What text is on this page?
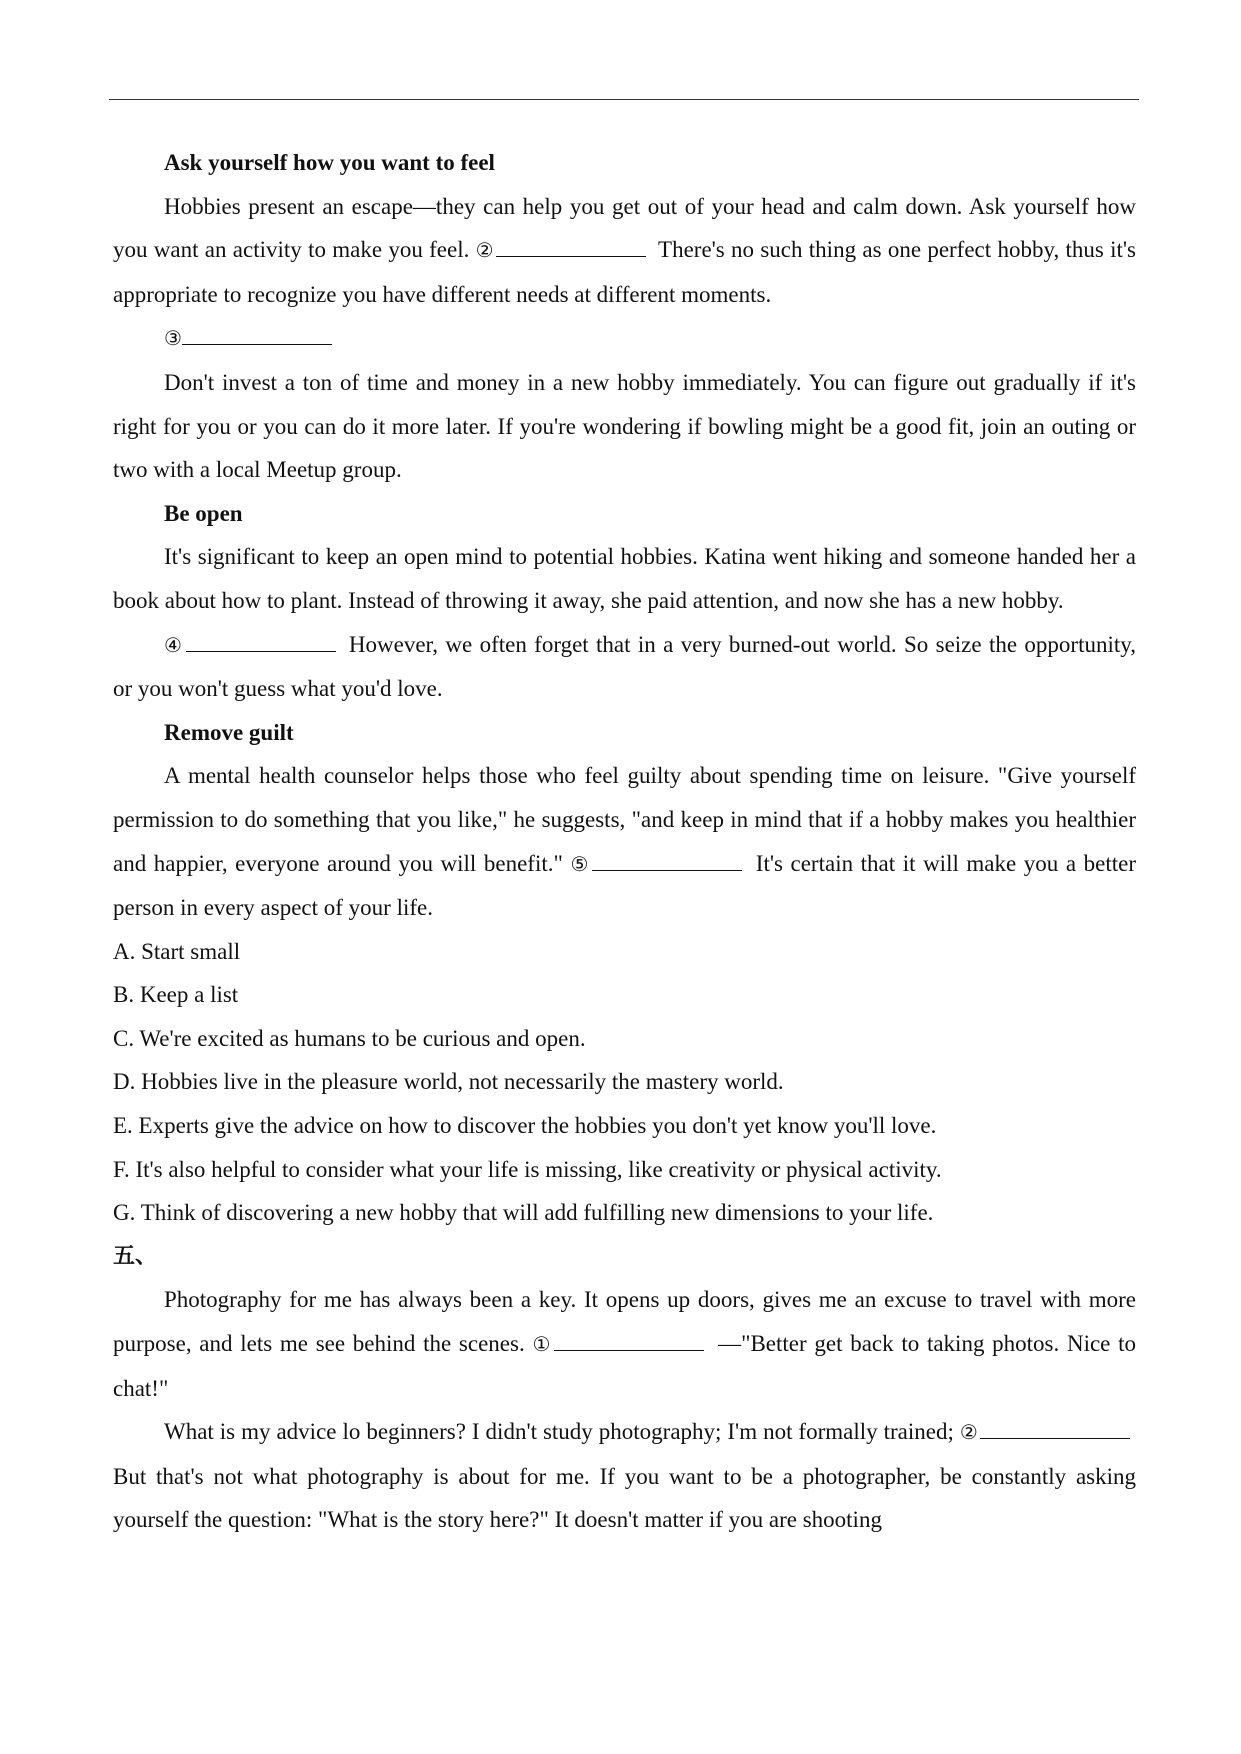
Ask yourself how you want to feel

Hobbies present an escape—they can help you get out of your head and calm down. Ask yourself how you want an activity to make you feel. ②	There's no such thing as one perfect hobby, thus it's appropriate to recognize you have different needs at different moments.

③

Don't invest a ton of time and money in a new hobby immediately. You can figure out gradually if it's right for you or you can do it more later. If you're wondering if bowling might be a good fit, join an outing or two with a local Meetup group.

Be open

It's significant to keep an open mind to potential hobbies. Katina went hiking and someone handed her a book about how to plant. Instead of throwing it away, she paid attention, and now she has a new hobby.

④	However, we often forget that in a very burned-out world. So seize the opportunity, or you won't guess what you'd love.

Remove guilt

A mental health counselor helps those who feel guilty about spending time on leisure. "Give yourself permission to do something that you like," he suggests, "and keep in mind that if a hobby makes you healthier and happier, everyone around you will benefit." ⑤	It's certain that it will make you a better person in every aspect of your life.

A. Start small

B. Keep a list

C. We're excited as humans to be curious and open.

D. Hobbies live in the pleasure world, not necessarily the mastery world.

E. Experts give the advice on how to discover the hobbies you don't yet know you'll love.

F. It's also helpful to consider what your life is missing, like creativity or physical activity.

G. Think of discovering a new hobby that will add fulfilling new dimensions to your life.

五、

Photography for me has always been a key. It opens up doors, gives me an excuse to travel with more purpose, and lets me see behind the scenes. ①	—"Better get back to taking photos. Nice to chat!"

What is my advice lo beginners? I didn't study photography; I'm not formally trained; ② But that's not what photography is about for me. If you want to be a photographer, be constantly asking yourself the question: "What is the story here?" It doesn't matter if you are shooting
